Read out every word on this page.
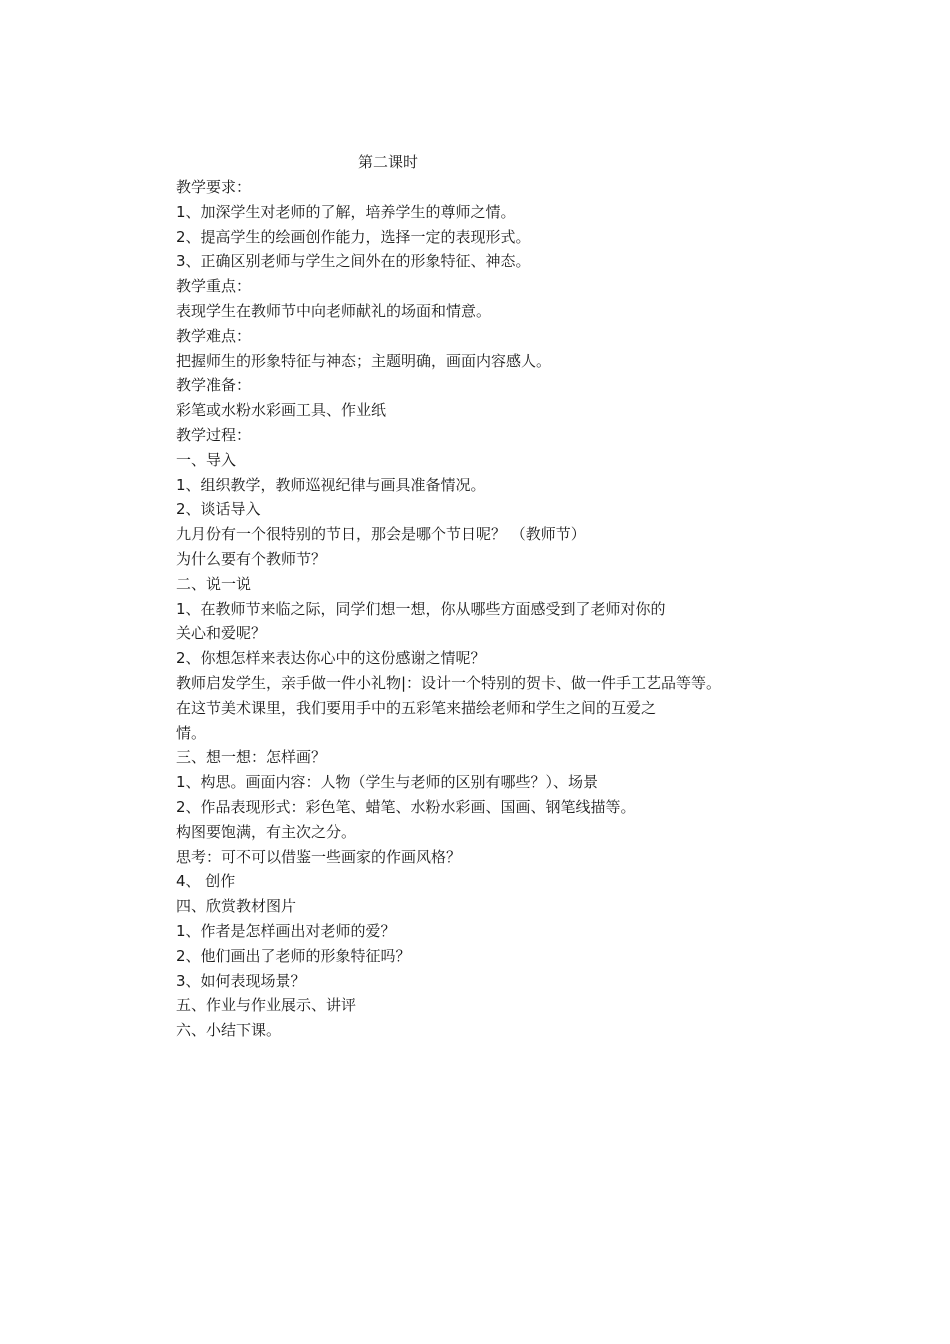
第二课时
教学要求：
1、加深学生对老师的了解，培养学生的尊师之情。
2、提高学生的绘画创作能力，选择一定的表现形式。
3、正确区别老师与学生之间外在的形象特征、神态。
教学重点：
表现学生在教师节中向老师献礼的场面和情意。
教学难点：
把握师生的形象特征与神态；主题明确，画面内容感人。
教学准备：
彩笔或水粉水彩画工具、作业纸
教学过程：
一、导入
1、组织教学，教师巡视纪律与画具准备情况。
2、谈话导入
九月份有一个很特别的节日，那会是哪个节日呢？ （教师节）
为什么要有个教师节？
二、说一说
1、在教师节来临之际，同学们想一想，你从哪些方面感受到了老师对你的
关心和爱呢？
2、你想怎样来表达你心中的这份感谢之情呢？
教师启发学生，亲手做一件小礼物|：设计一个特别的贺卡、做一件手工艺品等等。
在这节美术课里，我们要用手中的五彩笔来描绘老师和学生之间的互爱之
情。
三、想一想：怎样画？
1、构思。画面内容：人物（学生与老师的区别有哪些？）、场景
2、作品表现形式：彩色笔、蜡笔、水粉水彩画、国画、钢笔线描等。
构图要饱满，有主次之分。
思考：可不可以借鉴一些画家的作画风格？
4、 创作
四、欣赏教材图片
1、作者是怎样画出对老师的爱？
2、他们画出了老师的形象特征吗？
3、如何表现场景？
五、作业与作业展示、讲评
六、小结下课。
